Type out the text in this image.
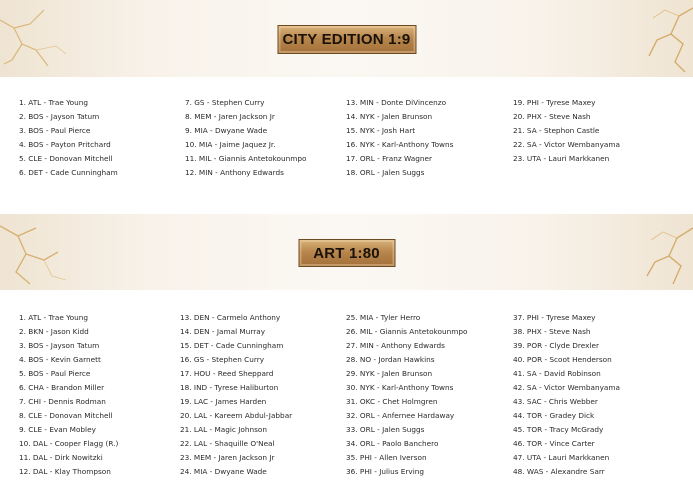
CITY EDITION 1:9
1. ATL - Trae Young
2. BOS - Jayson Tatum
3. BOS - Paul Pierce
4. BOS - Payton Pritchard
5. CLE - Donovan Mitchell
6. DET - Cade Cunningham
7. GS - Stephen Curry
8. MEM - Jaren Jackson Jr
9. MIA - Dwyane Wade
10. MIA - Jaime Jaquez Jr.
11. MIL - Giannis Antetokounmpo
12. MIN - Anthony Edwards
13. MIN - Donte DiVincenzo
14. NYK - Jalen Brunson
15. NYK - Josh Hart
16. NYK - Karl-Anthony Towns
17. ORL - Franz Wagner
18. ORL - Jalen Suggs
19. PHI - Tyrese Maxey
20. PHX - Steve Nash
21. SA - Stephon Castle
22. SA - Victor Wembanyama
23. UTA - Lauri Markkanen
ART 1:80
1. ATL - Trae Young
2. BKN - Jason Kidd
3. BOS - Jayson Tatum
4. BOS - Kevin Garnett
5. BOS - Paul Pierce
6. CHA - Brandon Miller
7. CHI - Dennis Rodman
8. CLE - Donovan Mitchell
9. CLE - Evan Mobley
10. DAL - Cooper Flagg (R.)
11. DAL - Dirk Nowitzki
12. DAL - Klay Thompson
13. DEN - Carmelo Anthony
14. DEN - Jamal Murray
15. DET - Cade Cunningham
16. GS - Stephen Curry
17. HOU - Reed Sheppard
18. IND - Tyrese Haliburton
19. LAC - James Harden
20. LAL - Kareem Abdul-Jabbar
21. LAL - Magic Johnson
22. LAL - Shaquille O'Neal
23. MEM - Jaren Jackson Jr
24. MIA - Dwyane Wade
25. MIA - Tyler Herro
26. MIL - Giannis Antetokounmpo
27. MIN - Anthony Edwards
28. NO - Jordan Hawkins
29. NYK - Jalen Brunson
30. NYK - Karl-Anthony Towns
31. OKC - Chet Holmgren
32. ORL - Anfernee Hardaway
33. ORL - Jalen Suggs
34. ORL - Paolo Banchero
35. PHI - Allen Iverson
36. PHI - Julius Erving
37. PHI - Tyrese Maxey
38. PHX - Steve Nash
39. POR - Clyde Drexler
40. POR - Scoot Henderson
41. SA - David Robinson
42. SA - Victor Wembanyama
43. SAC - Chris Webber
44. TOR - Gradey Dick
45. TOR - Tracy McGrady
46. TOR - Vince Carter
47. UTA - Lauri Markkanen
48. WAS - Alexandre Sarr
